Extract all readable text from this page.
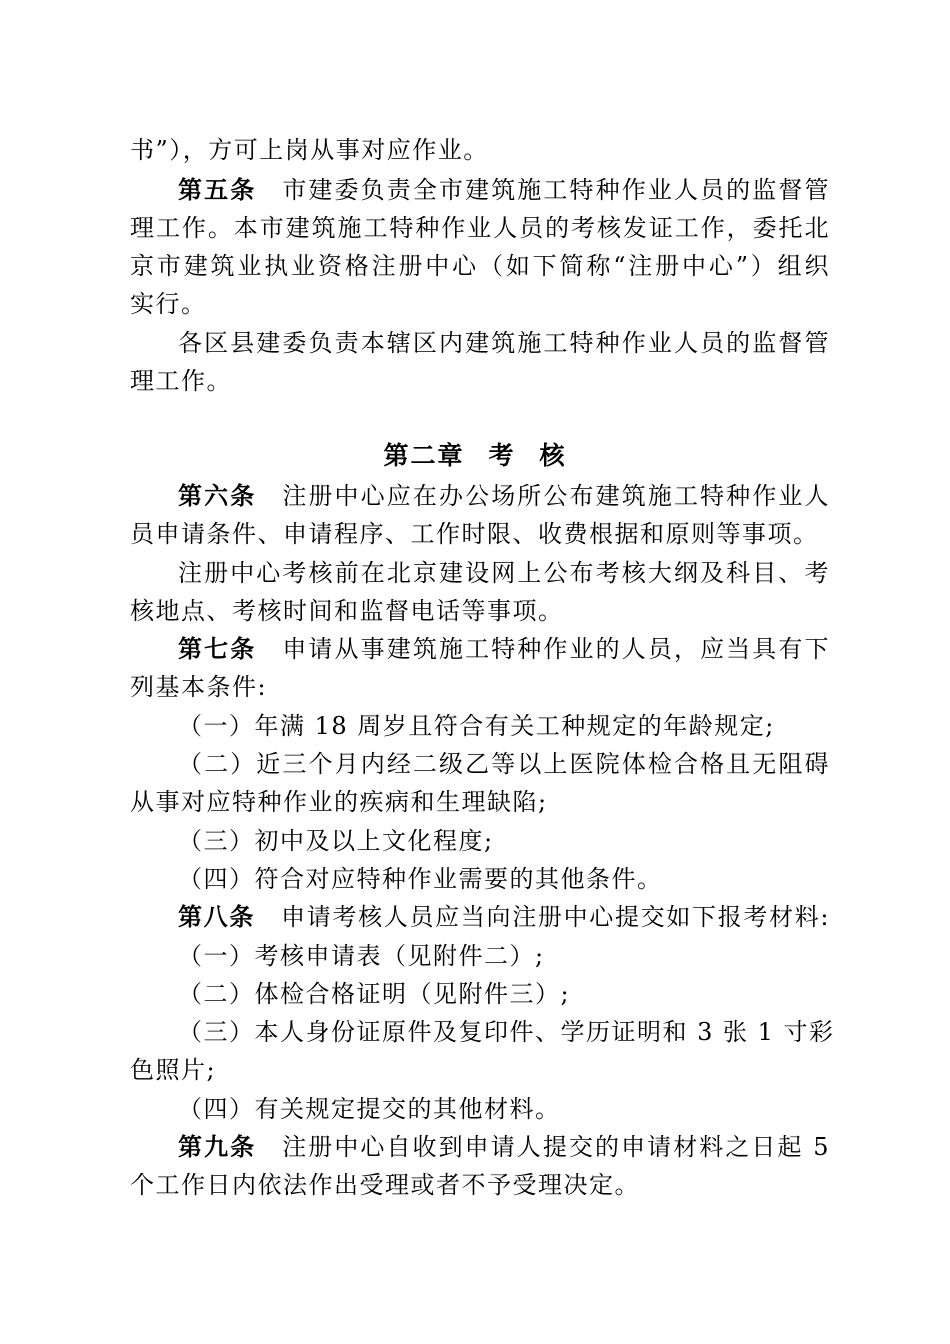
书”），方可上岗从事对应作业。
第五条 市建委负责全市建筑施工特种作业人员的监督管
理工作。本市建筑施工特种作业人员的考核发证工作，委托北
京市建筑业执业资格注册中心（如下简称“注册中心”）组织
实行。
各区县建委负责本辖区内建筑施工特种作业人员的监督管
理工作。
第二章 考 核
第六条 注册中心应在办公场所公布建筑施工特种作业人
员申请条件、申请程序、工作时限、收费根据和原则等事项。
注册中心考核前在北京建设网上公布考核大纲及科目、考
核地点、考核时间和监督电话等事项。
第七条 申请从事建筑施工特种作业的人员，应当具有下
列基本条件:
（一）年满 18 周岁且符合有关工种规定的年龄规定;
（二）近三个月内经二级乙等以上医院体检合格且无阻碍
从事对应特种作业的疾病和生理缺陷;
（三）初中及以上文化程度;
（四）符合对应特种作业需要的其他条件。
第八条 申请考核人员应当向注册中心提交如下报考材料:
（一）考核申请表（见附件二）;
（二）体检合格证明（见附件三）;
（三）本人身份证原件及复印件、学历证明和 3 张 1 寸彩
色照片;
（四）有关规定提交的其他材料。
第九条 注册中心自收到申请人提交的申请材料之日起 5
个工作日内依法作出受理或者不予受理决定。
